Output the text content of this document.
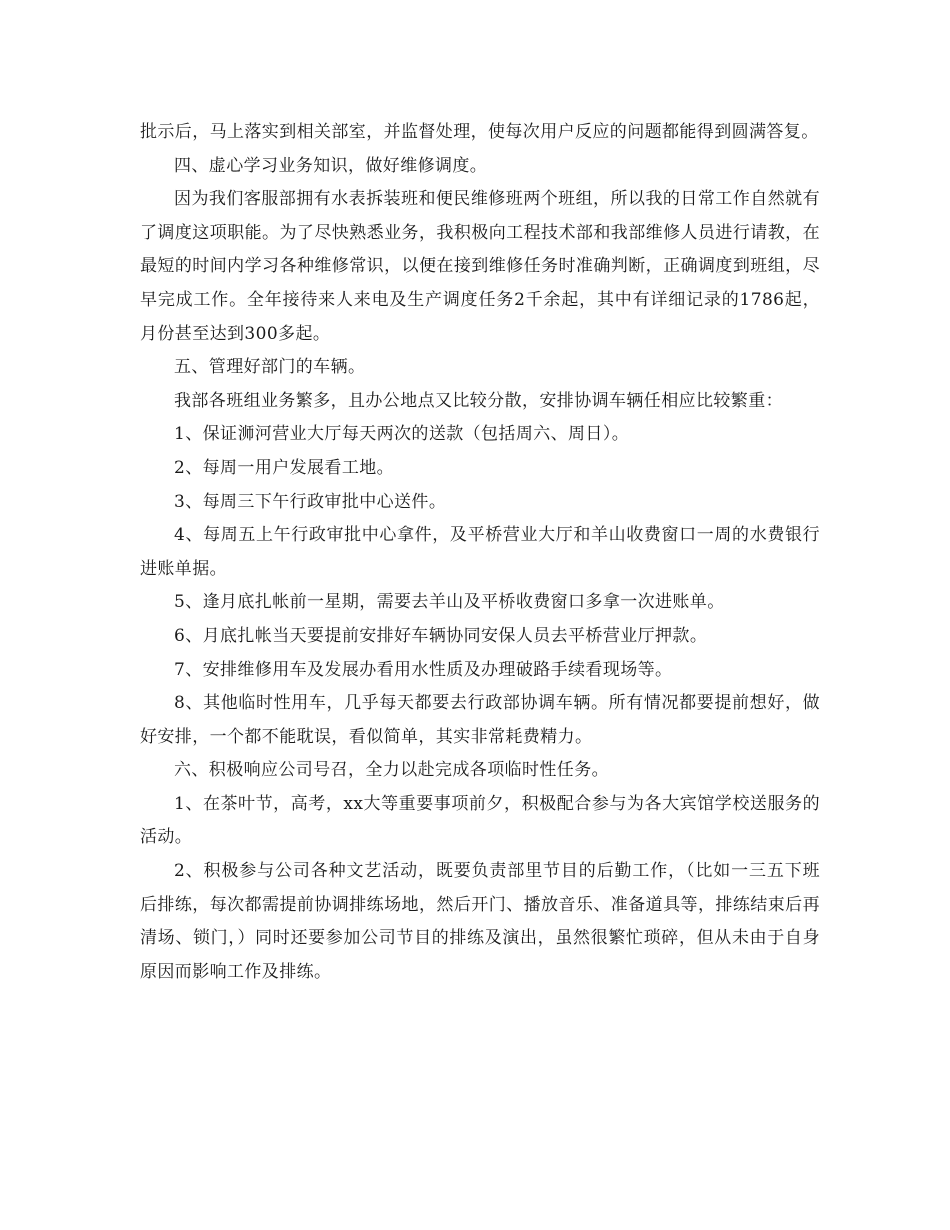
批示后，马上落实到相关部室，并监督处理，使每次用户反应的问题都能得到圆满答复。

四、虚心学习业务知识，做好维修调度。

因为我们客服部拥有水表拆装班和便民维修班两个班组，所以我的日常工作自然就有了调度这项职能。为了尽快熟悉业务，我积极向工程技术部和我部维修人员进行请教，在最短的时间内学习各种维修常识，以便在接到维修任务时准确判断，正确调度到班组，尽早完成工作。全年接待来人来电及生产调度任务2千余起，其中有详细记录的1786起，月份甚至达到300多起。

五、管理好部门的车辆。

我部各班组业务繁多，且办公地点又比较分散，安排协调车辆任相应比较繁重：

1、保证浉河营业大厅每天两次的送款（包括周六、周日）。

2、每周一用户发展看工地。

3、每周三下午行政审批中心送件。

4、每周五上午行政审批中心拿件，及平桥营业大厅和羊山收费窗口一周的水费银行进账单据。

5、逢月底扎帐前一星期，需要去羊山及平桥收费窗口多拿一次进账单。

6、月底扎帐当天要提前安排好车辆协同安保人员去平桥营业厅押款。

7、安排维修用车及发展办看用水性质及办理破路手续看现场等。

8、其他临时性用车，几乎每天都要去行政部协调车辆。所有情况都要提前想好，做好安排，一个都不能耽误，看似简单，其实非常耗费精力。

六、积极响应公司号召，全力以赴完成各项临时性任务。

1、在茶叶节，高考，xx大等重要事项前夕，积极配合参与为各大宾馆学校送服务的活动。

2、积极参与公司各种文艺活动，既要负责部里节目的后勤工作，（比如一三五下班后排练，每次都需提前协调排练场地，然后开门、播放音乐、准备道具等，排练结束后再清场、锁门，）同时还要参加公司节目的排练及演出，虽然很繁忙琐碎，但从未由于自身原因而影响工作及排练。
